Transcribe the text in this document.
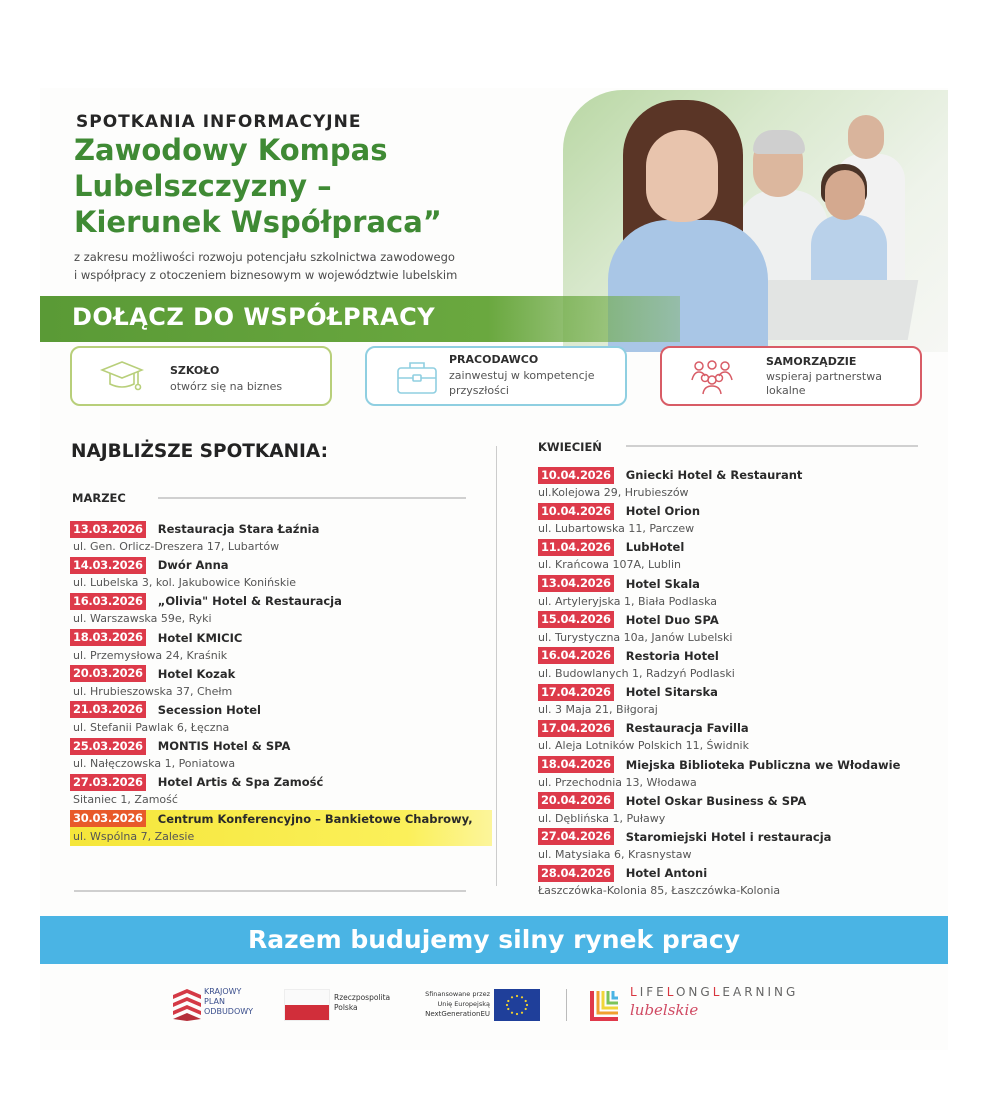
SPOTKANIA INFORMACYJNE
Zawodowy Kompas
Lubelszczyzny –
Kierunek Współpraca”
z zakresu możliwości rozwoju potencjału szkolnictwa zawodowego
i współpracy z otoczeniem biznesowym w województwie lubelskim
DOŁĄCZ DO WSPÓŁPRACY
SZKOŁO
otwórz się na biznes
PRACODAWCO
zainwestuj w kompetencje
przyszłości
SAMORZĄDZIE
wspieraj partnerstwa
lokalne
NAJBLIŻSZE SPOTKANIA:
MARZEC
13.03.2026 Restauracja Stara Łaźnia
ul. Gen. Orlicz-Dreszera 17, Lubartów
14.03.2026 Dwór Anna
ul. Lubelska 3, kol. Jakubowice Konińskie
16.03.2026 „Olivia" Hotel & Restauracja
ul. Warszawska 59e, Ryki
18.03.2026 Hotel KMICIC
ul. Przemysłowa 24, Kraśnik
20.03.2026 Hotel Kozak
ul. Hrubieszowska 37, Chełm
21.03.2026 Secession Hotel
ul. Stefanii Pawlak 6, Łęczna
25.03.2026 MONTIS Hotel & SPA
ul. Nałęczowska 1, Poniatowa
27.03.2026 Hotel Artis & Spa Zamość
Sitaniec 1, Zamość
30.03.2026 Centrum Konferencyjno – Bankietowe Chabrowy,
ul. Wspólna 7, Zalesie
KWIECIEŃ
10.04.2026 Gniecki Hotel & Restaurant
ul.Kolejowa 29, Hrubieszów
10.04.2026 Hotel Orion
ul. Lubartowska 11, Parczew
11.04.2026 LubHotel
ul. Krańcowa 107A, Lublin
13.04.2026 Hotel Skala
ul. Artyleryjska 1, Biała Podlaska
15.04.2026 Hotel Duo SPA
ul. Turystyczna 10a, Janów Lubelski
16.04.2026 Restoria Hotel
ul. Budowlanych 1, Radzyń Podlaski
17.04.2026 Hotel Sitarska
ul. 3 Maja 21, Biłgoraj
17.04.2026 Restauracja Favilla
ul. Aleja Lotników Polskich 11, Świdnik
18.04.2026 Miejska Biblioteka Publiczna we Włodawie
ul. Przechodnia 13, Włodawa
20.04.2026 Hotel Oskar Business & SPA
ul. Dęblińska 1, Puławy
27.04.2026 Staromiejski Hotel i restauracja
ul. Matysiaka 6, Krasnystaw
28.04.2026 Hotel Antoni
Łaszczówka-Kolonia 85, Łaszczówka-Kolonia
Razem budujemy silny rynek pracy
KRAJOWY
PLAN
ODBUDOWY
Rzeczpospolita
Polska
Sfinansowane przez
Unię Europejską
NextGenerationEU
LIFELONGLEARNING
lubelskie
